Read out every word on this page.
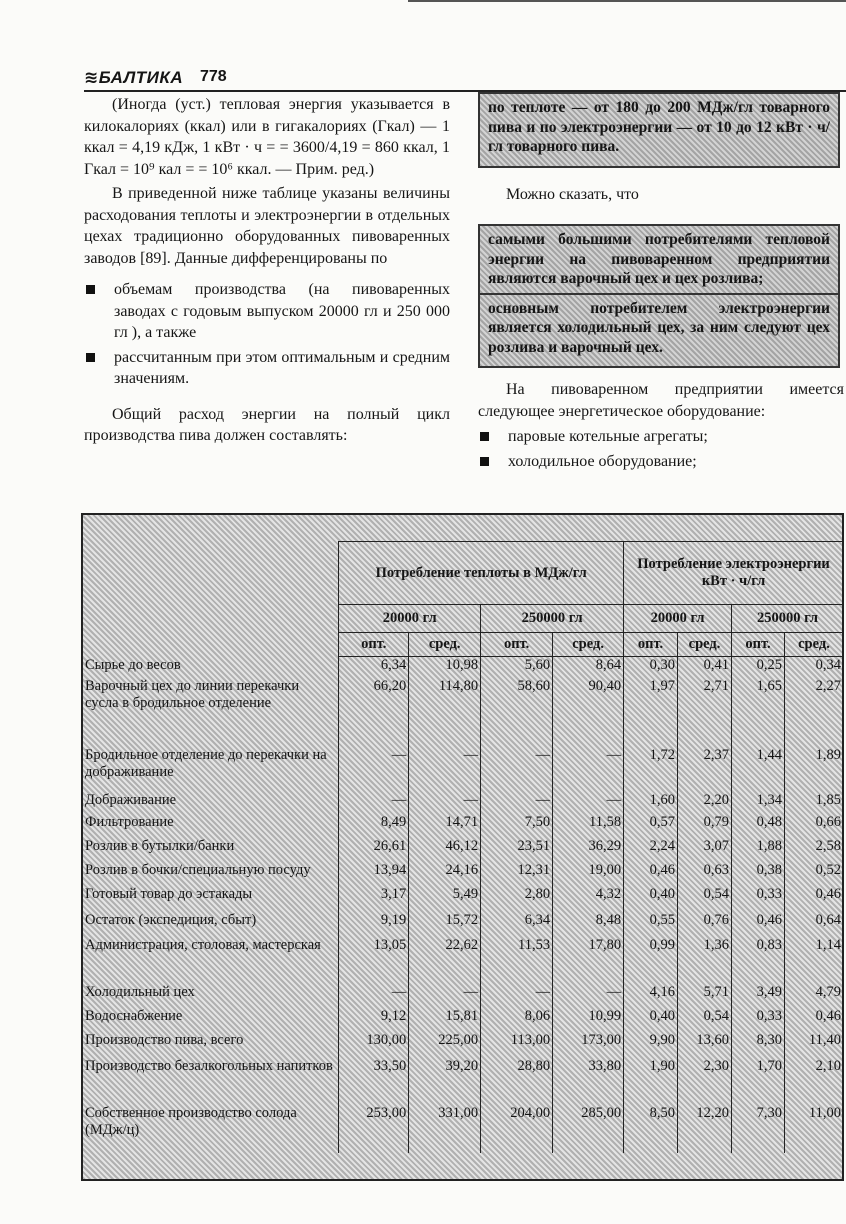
≋БАЛТИКА 778

(Иногда (уст.) тепловая энергия указывается в килокалориях (ккал) или в гигакалориях (Гкал) — 1 ккал = 4,19 кДж, 1 кВт · ч = = 3600/4,19 = 860 ккал, 1 Гкал = 10⁹ кал = = 10⁶ ккал. — Прим. ред.)

В приведенной ниже таблице указаны величины расходования теплоты и электроэнергии в отдельных цехах традиционно оборудованных пивоваренных заводов [89]. Данные дифференцированы по

объемам производства (на пивоваренных заводах с годовым выпуском 20000 гл и 250 000 гл ), а также

рассчитанным при этом оптимальным и средним значениям.

Общий расход энергии на полный цикл производства пива должен составлять:

по теплоте — от 180 до 200 МДж/гл товарного пива и по электроэнергии — от 10 до 12 кВт · ч/гл товарного пива.
Можно сказать, что
самыми большими потребителями тепловой энергии на пивоваренном предприятии являются варочный цех и цех розлива;
основным потребителем электроэнергии является холодильный цех, за ним следуют цех розлива и варочный цех.

На пивоваренном предприятии имеется следующее энергетическое оборудование:

паровые котельные агрегаты;

холодильное оборудование;

	Потребление теплоты в МДж/гл				Потребление электроэнергии кВт · ч/гл			
	20000 гл		250000 гл		20000 гл		250000 гл	
	опт.	сред.	опт.	сред.	опт.	сред.	опт.	сред.
Сырье до весов	6,34	10,98	5,60	8,64	0,30	0,41	0,25	0,34
Варочный цех до линии перекачки сусла в бродильное отделение	66,20	114,80	58,60	90,40	1,97	2,71	1,65	2,27
Бродильное отделение до перекачки на дображивание	—	—	—	—	1,72	2,37	1,44	1,89
Дображивание	—	—	—	—	1,60	2,20	1,34	1,85
Фильтрование	8,49	14,71	7,50	11,58	0,57	0,79	0,48	0,66
Розлив в бутылки/банки	26,61	46,12	23,51	36,29	2,24	3,07	1,88	2,58
Розлив в бочки/специальную посуду	13,94	24,16	12,31	19,00	0,46	0,63	0,38	0,52
Готовый товар до эстакады	3,17	5,49	2,80	4,32	0,40	0,54	0,33	0,46
Остаток (экспедиция, сбыт)	9,19	15,72	6,34	8,48	0,55	0,76	0,46	0,64
Администрация, столовая, мастерская	13,05	22,62	11,53	17,80	0,99	1,36	0,83	1,14
Холодильный цех	—	—	—	—	4,16	5,71	3,49	4,79
Водоснабжение	9,12	15,81	8,06	10,99	0,40	0,54	0,33	0,46
Производство пива, всего	130,00	225,00	113,00	173,00	9,90	13,60	8,30	11,40
Производство безалкогольных напитков	33,50	39,20	28,80	33,80	1,90	2,30	1,70	2,10
Собственное производство солода (МДж/ц)	253,00	331,00	204,00	285,00	8,50	12,20	7,30	11,00
